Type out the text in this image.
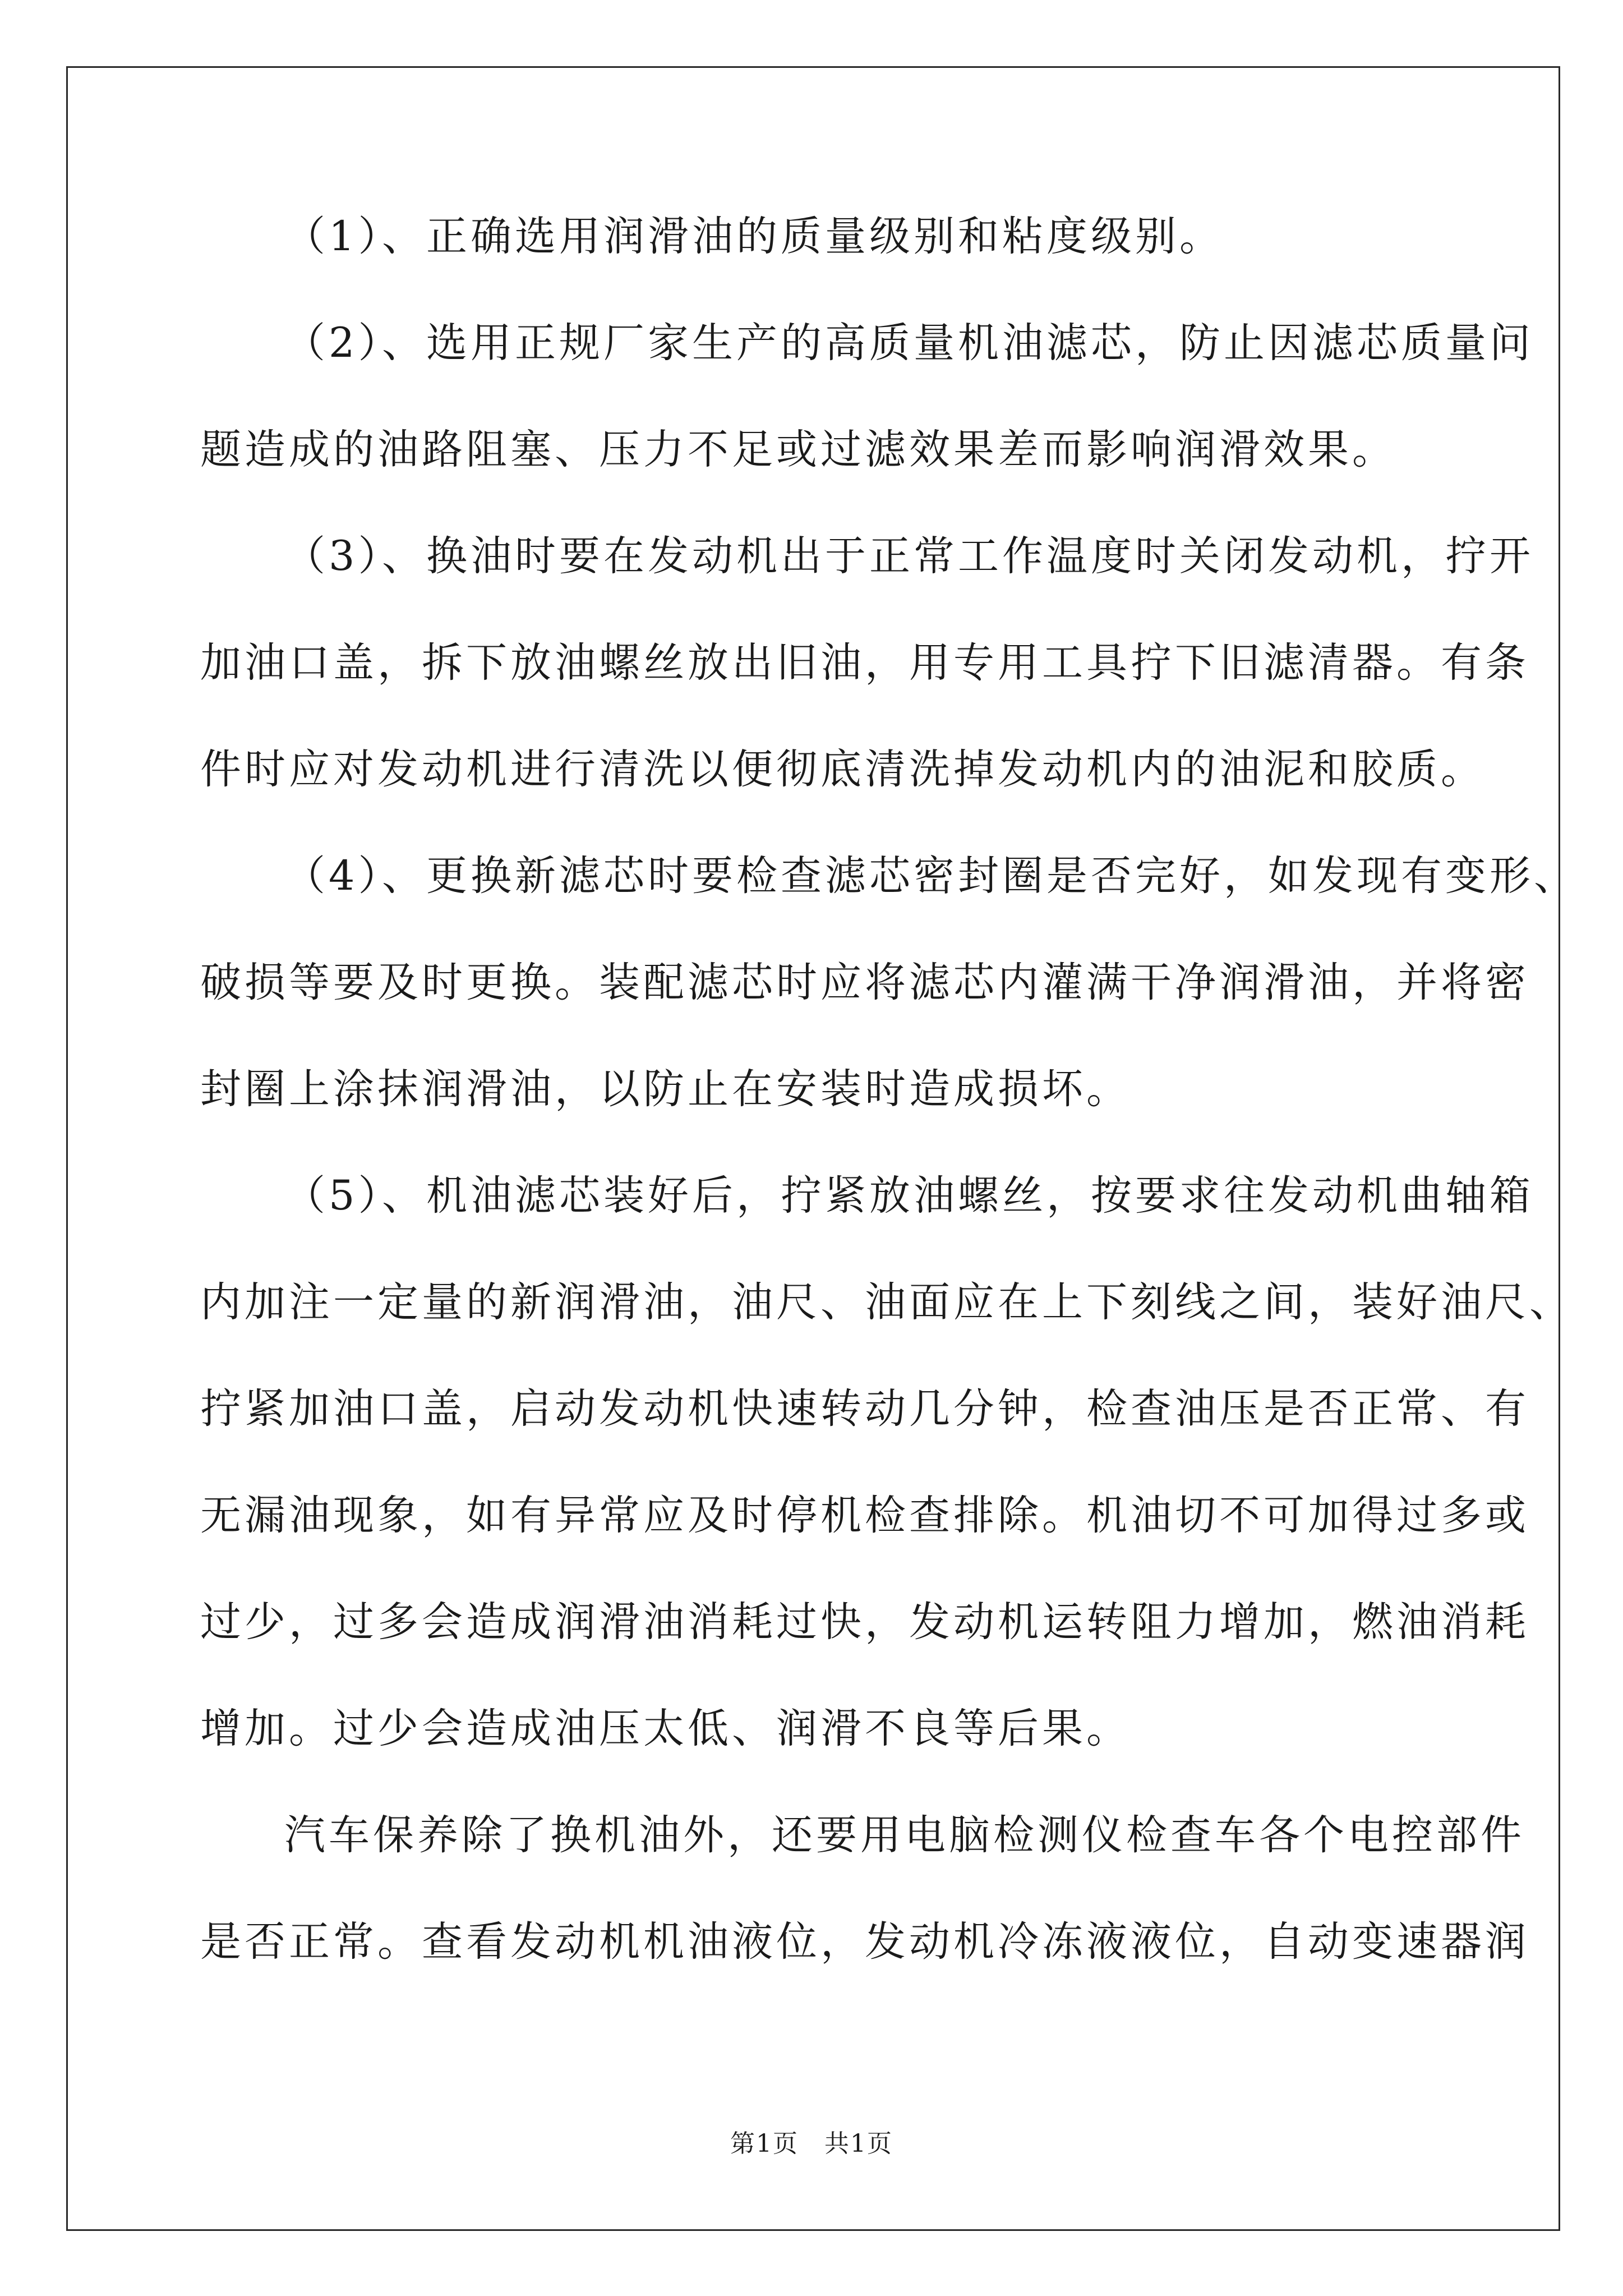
（1）、正确选用润滑油的质量级别和粘度级别。
（2）、选用正规厂家生产的高质量机油滤芯，防止因滤芯质量问
题造成的油路阻塞、压力不足或过滤效果差而影响润滑效果。
（3）、换油时要在发动机出于正常工作温度时关闭发动机，拧开
加油口盖，拆下放油螺丝放出旧油，用专用工具拧下旧滤清器。有条
件时应对发动机进行清洗以便彻底清洗掉发动机内的油泥和胶质。
（4）、更换新滤芯时要检查滤芯密封圈是否完好，如发现有变形、
破损等要及时更换。装配滤芯时应将滤芯内灌满干净润滑油，并将密
封圈上涂抹润滑油，以防止在安装时造成损坏。
（5）、机油滤芯装好后，拧紧放油螺丝，按要求往发动机曲轴箱
内加注一定量的新润滑油，油尺、油面应在上下刻线之间，装好油尺、
拧紧加油口盖，启动发动机快速转动几分钟，检查油压是否正常、有
无漏油现象，如有异常应及时停机检查排除。机油切不可加得过多或
过少，过多会造成润滑油消耗过快，发动机运转阻力增加，燃油消耗
增加。过少会造成油压太低、润滑不良等后果。
汽车保养除了换机油外，还要用电脑检测仪检查车各个电控部件
是否正常。查看发动机机油液位，发动机冷冻液液位，自动变速器润
第1页　共1页
